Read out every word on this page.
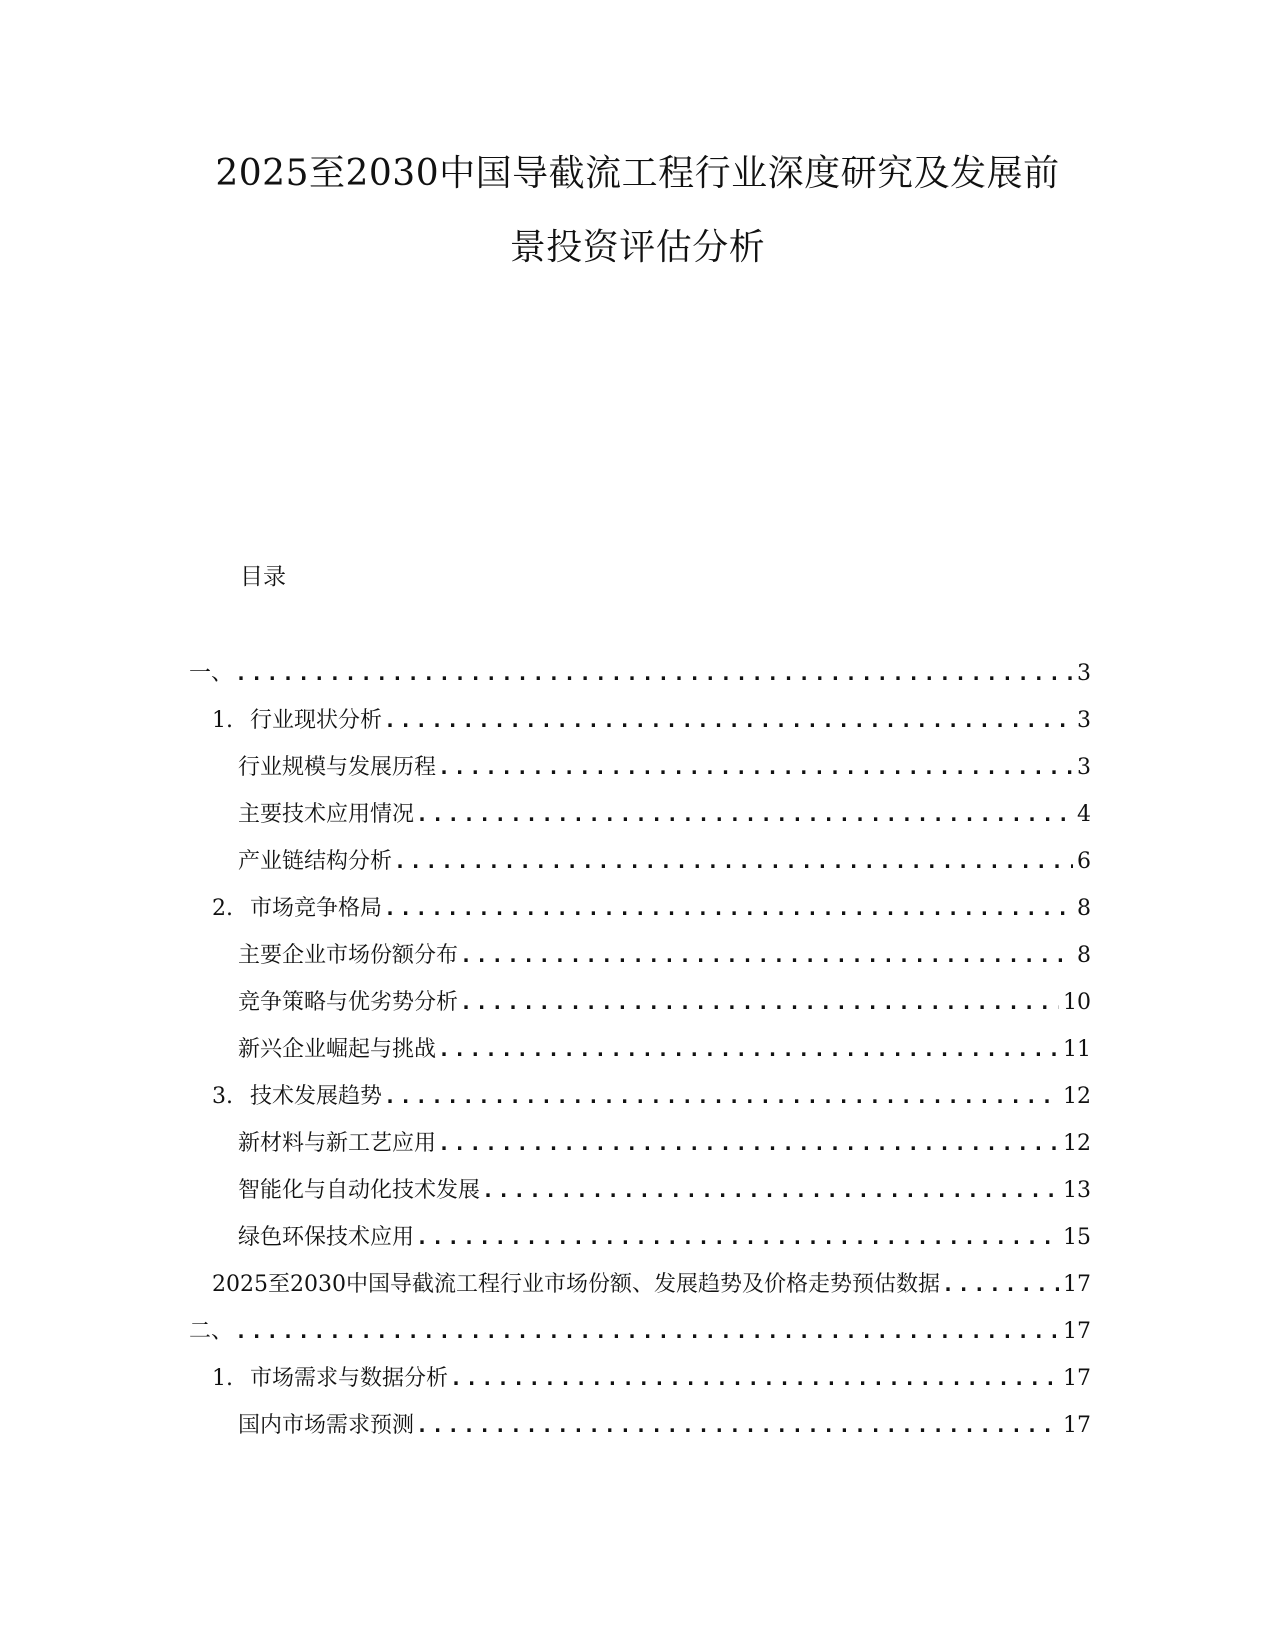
2025至2030中国导截流工程行业深度研究及发展前
景投资评估分析
目录
一、 .....	3
1. 行业现状分析 .....	3
行业规模与发展历程 .....	3
主要技术应用情况 .....	4
产业链结构分析 .....	6
2. 市场竞争格局 .....	8
主要企业市场份额分布 .....	8
竞争策略与优劣势分析 .....	10
新兴企业崛起与挑战 .....	11
3. 技术发展趋势 .....	12
新材料与新工艺应用 .....	12
智能化与自动化技术发展 .....	13
绿色环保技术应用 .....	15
2025至2030中国导截流工程行业市场份额、发展趋势及价格走势预估数据 .....	17
二、 .....	17
1. 市场需求与数据分析 .....	17
国内市场需求预测 .....	17
